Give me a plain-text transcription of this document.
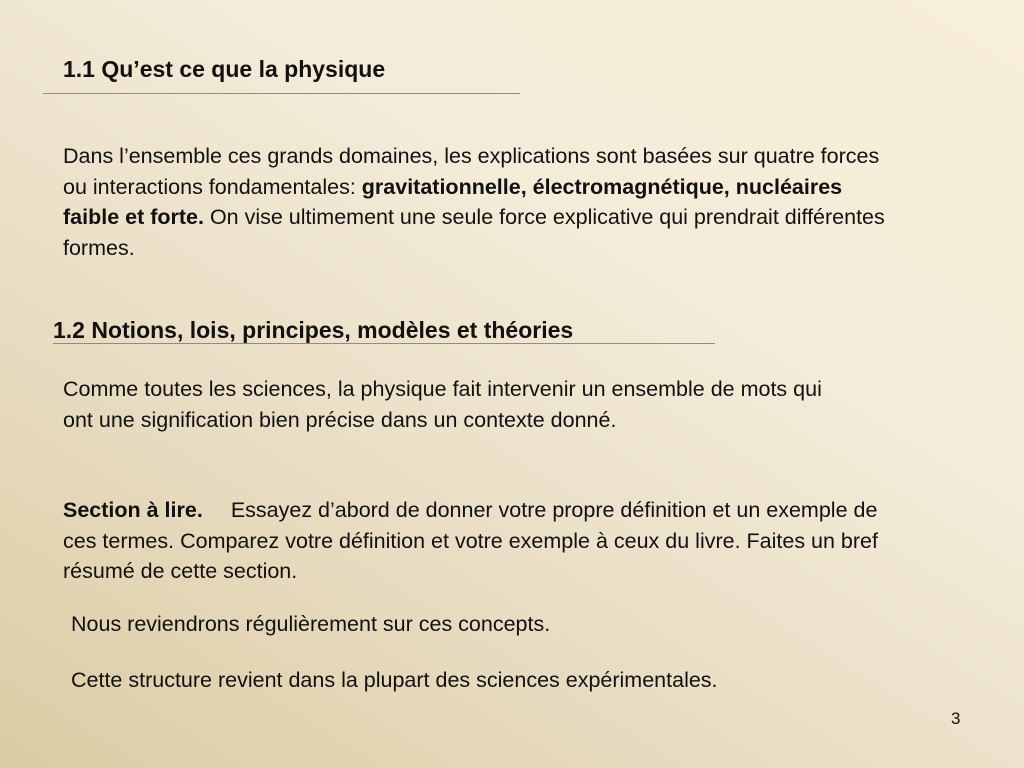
1.1 Qu’est ce que la physique

Dans l’ensemble ces grands domaines, les explications sont basées sur quatre forces ou interactions fondamentales: gravitationnelle, électromagnétique, nucléaires faible et forte. On vise ultimement une seule force explicative qui prendrait différentes formes.

1.2 Notions, lois, principes, modèles et théories

Comme toutes les sciences, la physique fait intervenir un ensemble de mots qui ont une signification bien précise dans un contexte donné.

Section à lire. Essayez d’abord de donner votre propre définition et un exemple de ces termes. Comparez votre définition et votre exemple à ceux du livre. Faites un bref résumé de cette section.

Nous reviendrons régulièrement sur ces concepts.

Cette structure revient dans la plupart des sciences expérimentales.

3
